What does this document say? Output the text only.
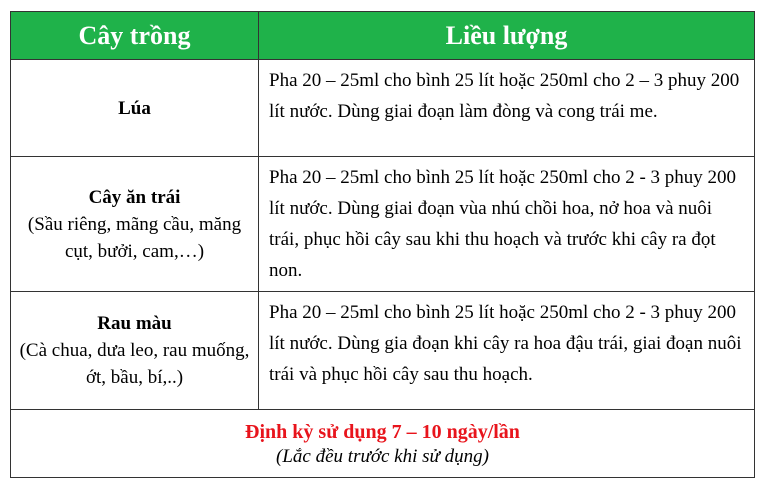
Cây trồng	Liều lượng

Lúa	Pha 20 – 25ml cho bình 25 lít hoặc 250ml cho 2 – 3 phuy 200 lít nước. Dùng giai đoạn làm đòng và cong trái me.

Cây ăn trái
(Sầu riêng, mãng cầu, măng cụt, bưởi, cam,…)	Pha 20 – 25ml cho bình 25 lít hoặc 250ml cho 2 - 3 phuy 200 lít nước. Dùng giai đoạn vùa nhú chồi hoa, nở hoa và nuôi trái, phục hồi cây sau khi thu hoạch và trước khi cây ra đọt non.

Rau màu
(Cà chua, dưa leo, rau muống, ớt, bầu, bí,..)	Pha 20 – 25ml cho bình 25 lít hoặc 250ml cho 2 - 3 phuy 200 lít nước. Dùng gia đoạn khi cây ra hoa đậu trái, giai đoạn nuôi trái và phục hồi cây sau thu hoạch.

Định kỳ sử dụng 7 – 10 ngày/lần
(Lắc đều trước khi sử dụng)	
